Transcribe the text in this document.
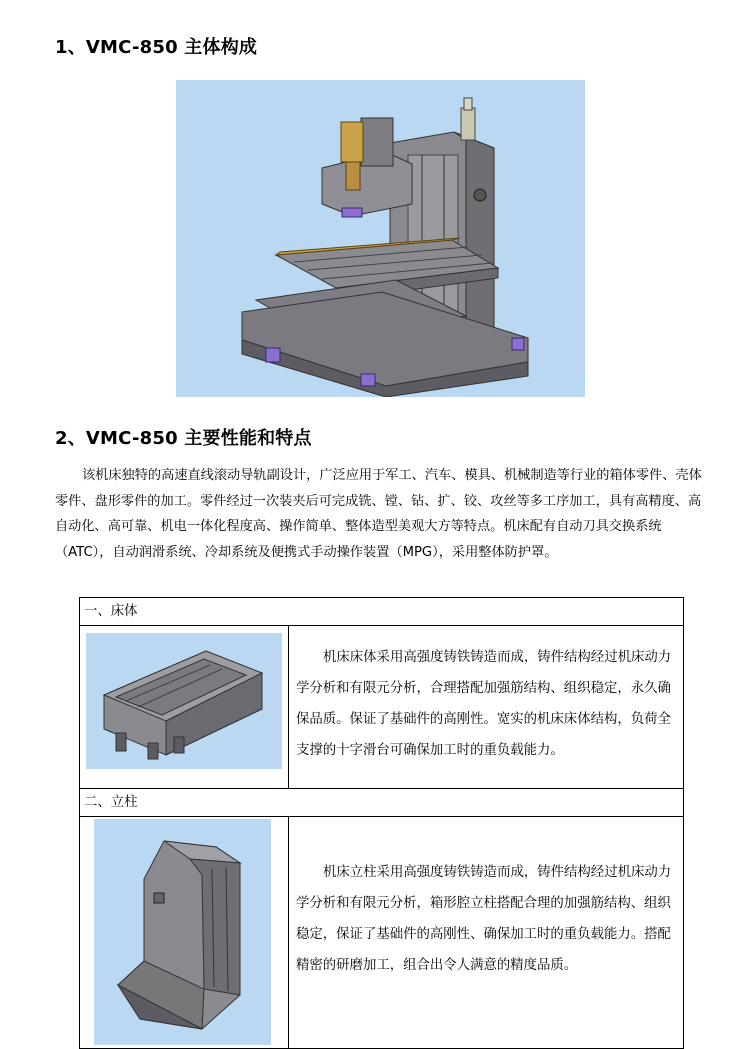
1、VMC-850 主体构成
2、VMC-850 主要性能和特点
该机床独特的高速直线滚动导轨副设计，广泛应用于军工、汽车、模具、机械制造等行业的箱体零件、壳体零件、盘形零件的加工。零件经过一次装夹后可完成铣、镗、钻、扩、铰、攻丝等多工序加工，具有高精度、高自动化、高可靠、机电一体化程度高、操作简单、整体造型美观大方等特点。机床配有自动刀具交换系统（ATC），自动润滑系统、冷却系统及便携式手动操作装置（MPG），采用整体防护罩。
一、床体	

	机床床体采用高强度铸铁铸造而成，铸件结构经过机床动力学分析和有限元分析，合理搭配加强筋结构、组织稳定，永久确保品质。保证了基础件的高刚性。宽实的机床床体结构，负荷全支撑的十字滑台可确保加工时的重负载能力。
二、立柱	

	机床立柱采用高强度铸铁铸造而成，铸件结构经过机床动力学分析和有限元分析，箱形腔立柱搭配合理的加强筋结构、组织稳定，保证了基础件的高刚性、确保加工时的重负载能力。搭配精密的研磨加工，组合出令人满意的精度品质。
